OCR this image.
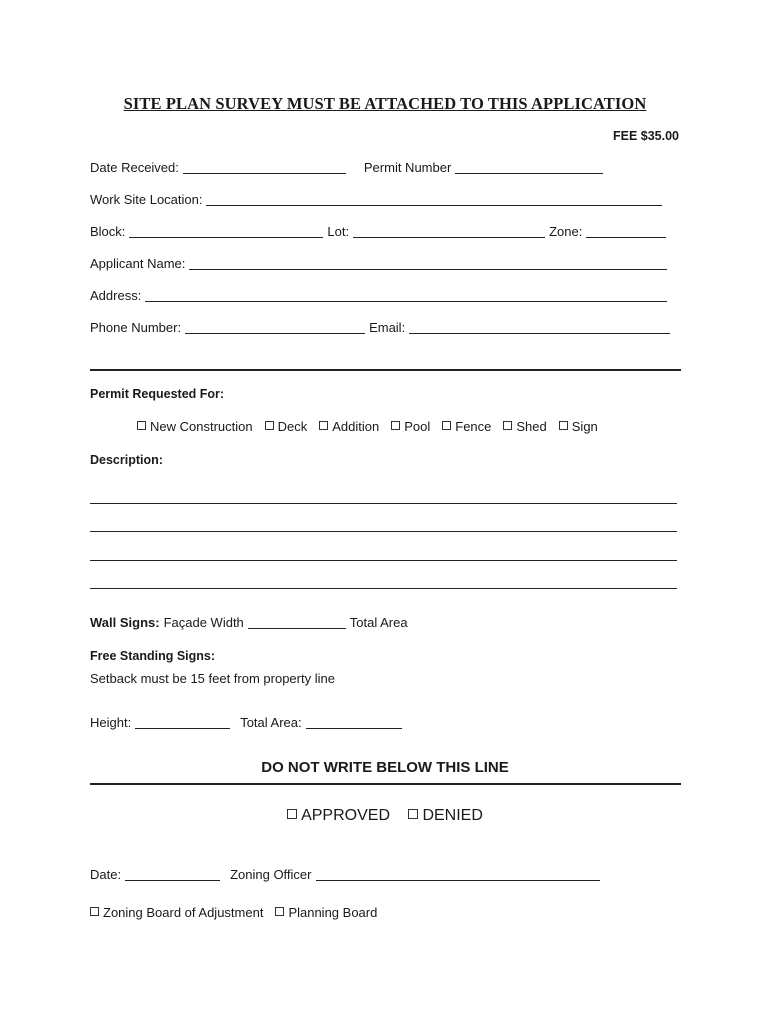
SITE PLAN SURVEY MUST BE ATTACHED TO THIS APPLICATION
FEE $35.00
Date Received:	Permit Number
Work Site Location:
Block:	Lot:	Zone:
Applicant Name:
Address:
Phone Number:	Email:
Permit Requested For:
New Construction	Deck	Addition	Pool	Fence	Shed	Sign
Description:
Wall Signs: Façade Width	Total Area
Free Standing Signs:
Setback must be 15 feet from property line
Height:	Total Area:
DO NOT WRITE BELOW THIS LINE
APPROVED DENIED
Date:	Zoning Officer
Zoning Board of Adjustment	Planning Board
